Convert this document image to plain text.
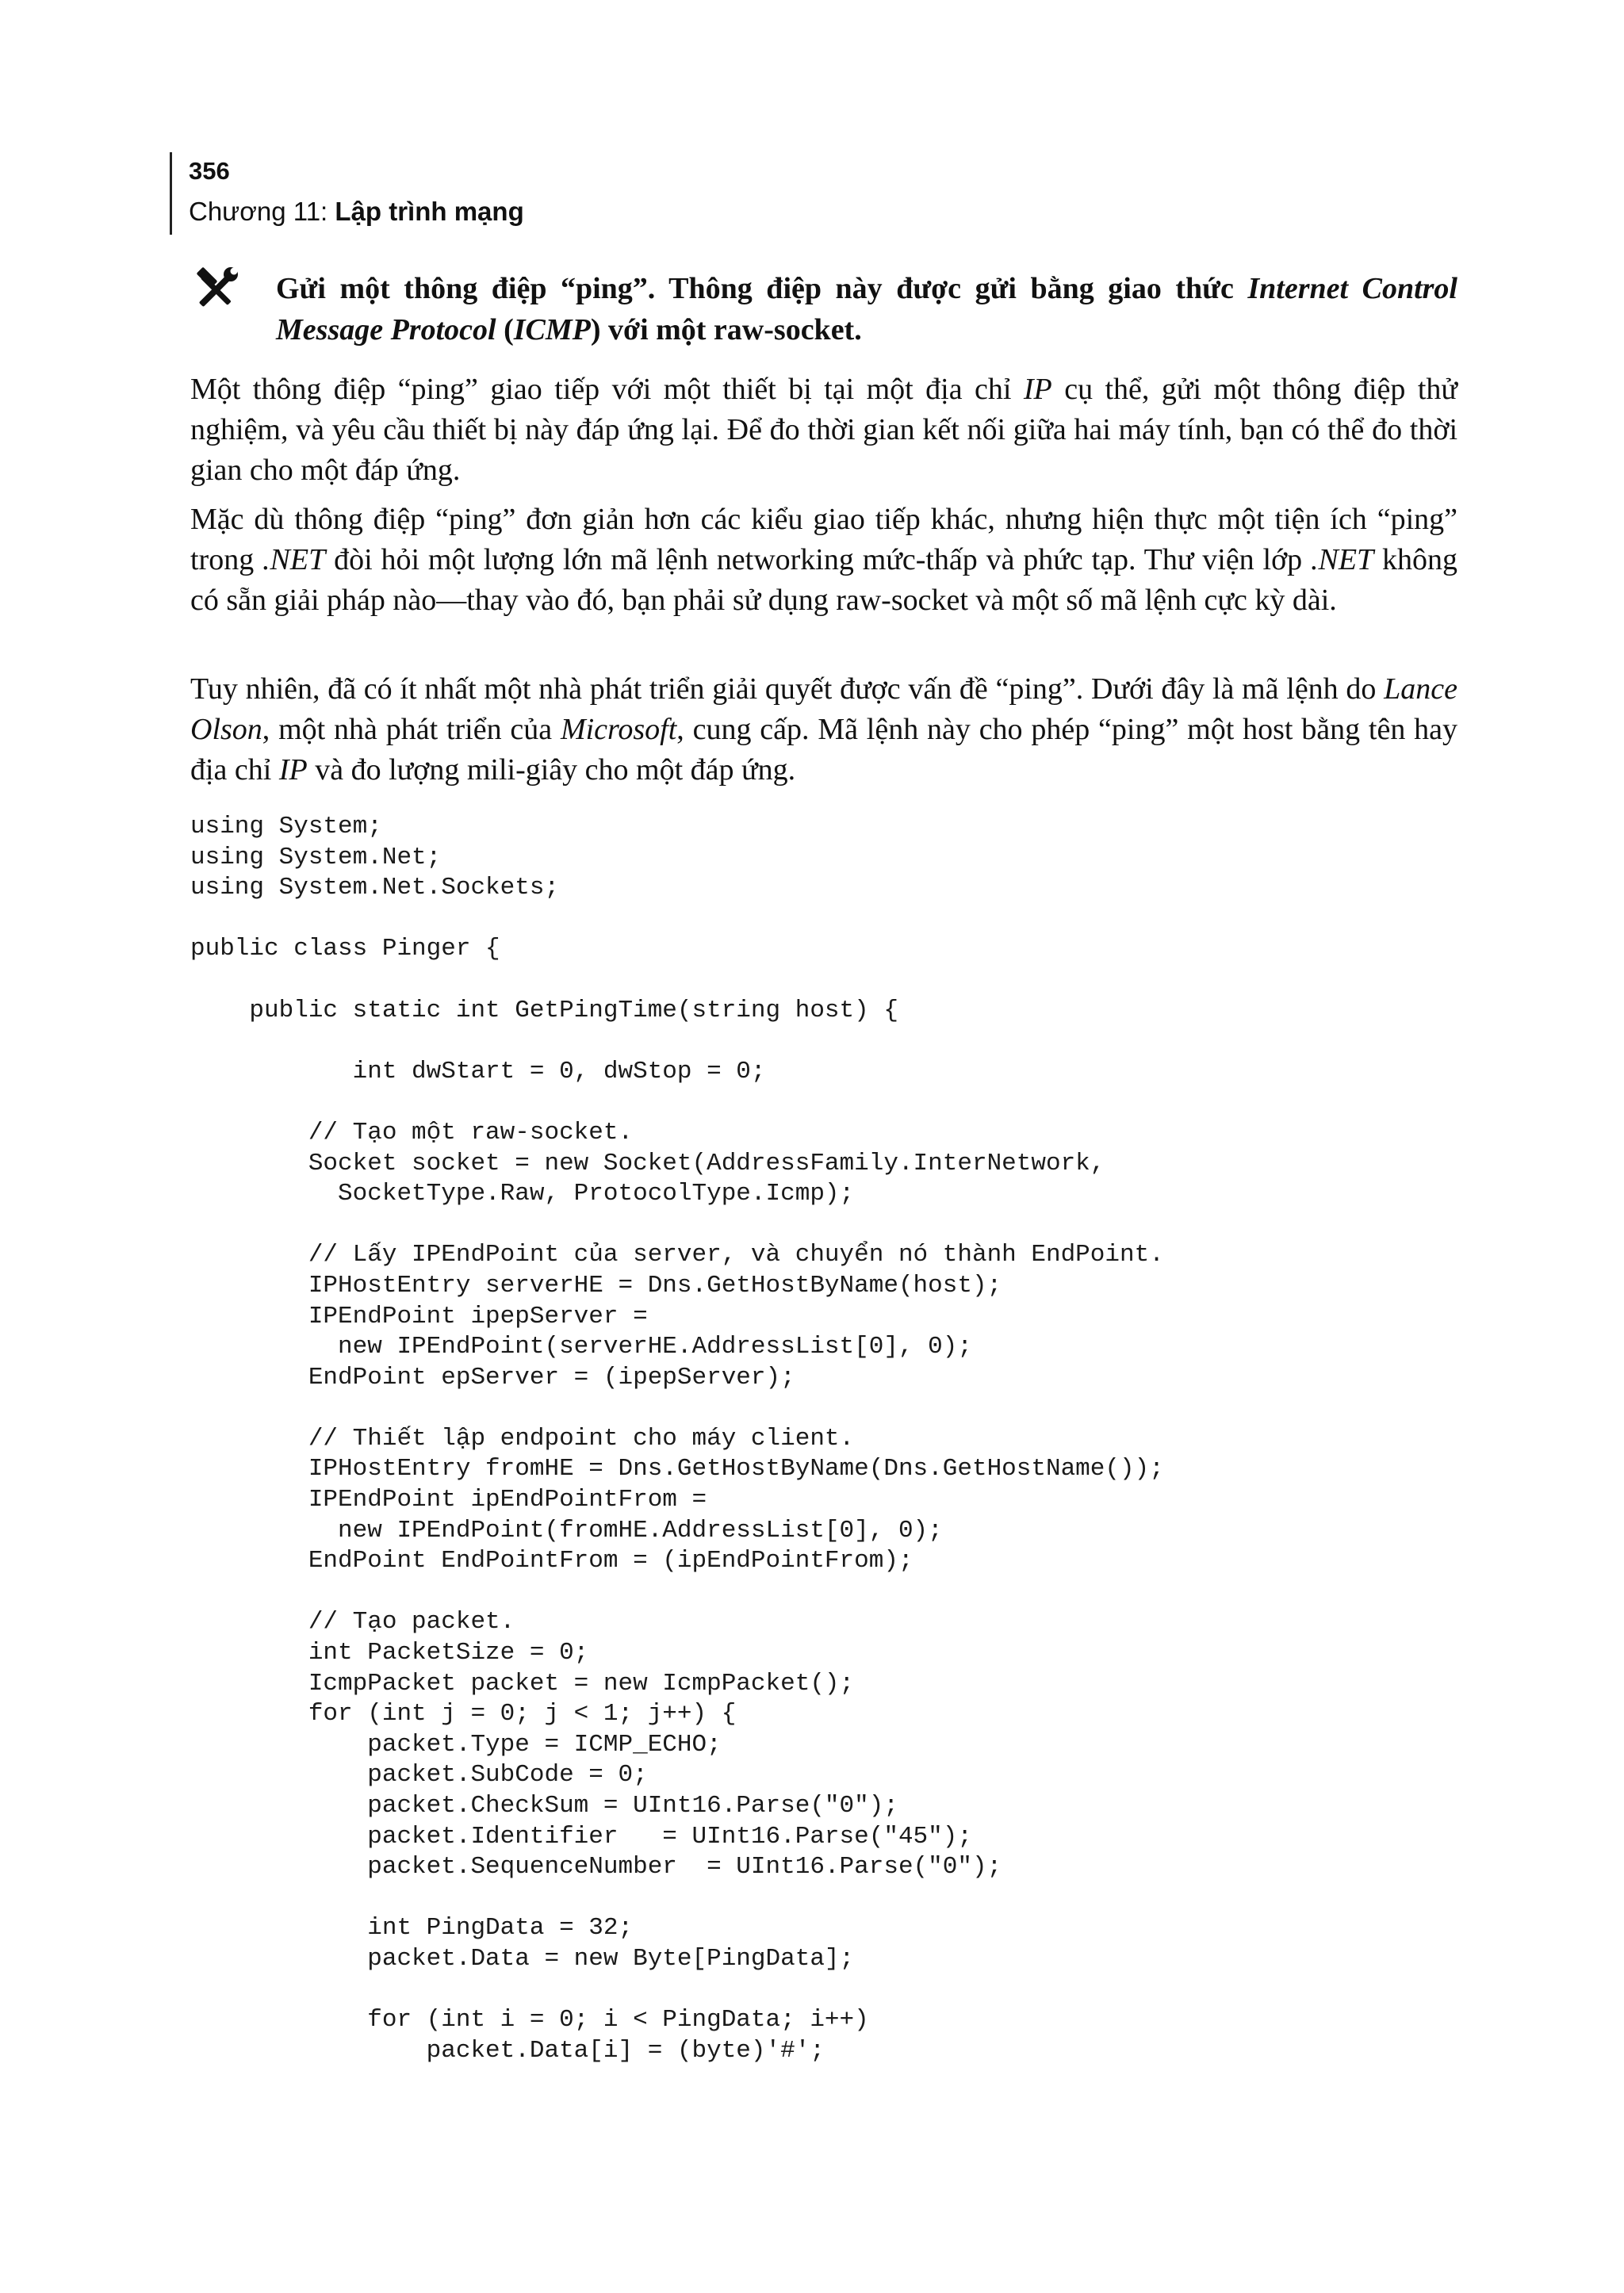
356
Chương 11: Lập trình mạng
Gửi một thông điệp “ping”. Thông điệp này được gửi bằng giao thức Internet Control Message Protocol (ICMP) với một raw-socket.
Một thông điệp “ping” giao tiếp với một thiết bị tại một địa chỉ IP cụ thể, gửi một thông điệp thử nghiệm, và yêu cầu thiết bị này đáp ứng lại. Để đo thời gian kết nối giữa hai máy tính, bạn có thể đo thời gian cho một đáp ứng.
Mặc dù thông điệp “ping” đơn giản hơn các kiểu giao tiếp khác, nhưng hiện thực một tiện ích “ping” trong .NET đòi hỏi một lượng lớn mã lệnh networking mức-thấp và phức tạp. Thư viện lớp .NET không có sẵn giải pháp nào—thay vào đó, bạn phải sử dụng raw-socket và một số mã lệnh cực kỳ dài.
Tuy nhiên, đã có ít nhất một nhà phát triển giải quyết được vấn đề “ping”. Dưới đây là mã lệnh do Lance Olson, một nhà phát triển của Microsoft, cung cấp. Mã lệnh này cho phép “ping” một host bằng tên hay địa chỉ IP và đo lượng mili-giây cho một đáp ứng.
using System;
using System.Net;
using System.Net.Sockets;
public class Pinger {
public static int GetPingTime(string host) {
int dwStart = 0, dwStop = 0;
// Tạo một raw-socket.
Socket socket = new Socket(AddressFamily.InterNetwork,
SocketType.Raw, ProtocolType.Icmp);
// Lấy IPEndPoint của server, và chuyển nó thành EndPoint.
IPHostEntry serverHE = Dns.GetHostByName(host);
IPEndPoint ipepServer =
new IPEndPoint(serverHE.AddressList[0], 0);
EndPoint epServer = (ipepServer);
// Thiết lập endpoint cho máy client.
IPHostEntry fromHE = Dns.GetHostByName(Dns.GetHostName());
IPEndPoint ipEndPointFrom =
new IPEndPoint(fromHE.AddressList[0], 0);
EndPoint EndPointFrom = (ipEndPointFrom);
// Tạo packet.
int PacketSize = 0;
IcmpPacket packet = new IcmpPacket();
for (int j = 0; j < 1; j++) {
packet.Type = ICMP_ECHO;
packet.SubCode = 0;
packet.CheckSum = UInt16.Parse("0");
packet.Identifier   = UInt16.Parse("45");
packet.SequenceNumber  = UInt16.Parse("0");
int PingData = 32;
packet.Data = new Byte[PingData];
for (int i = 0; i < PingData; i++)
packet.Data[i] = (byte)'#';
